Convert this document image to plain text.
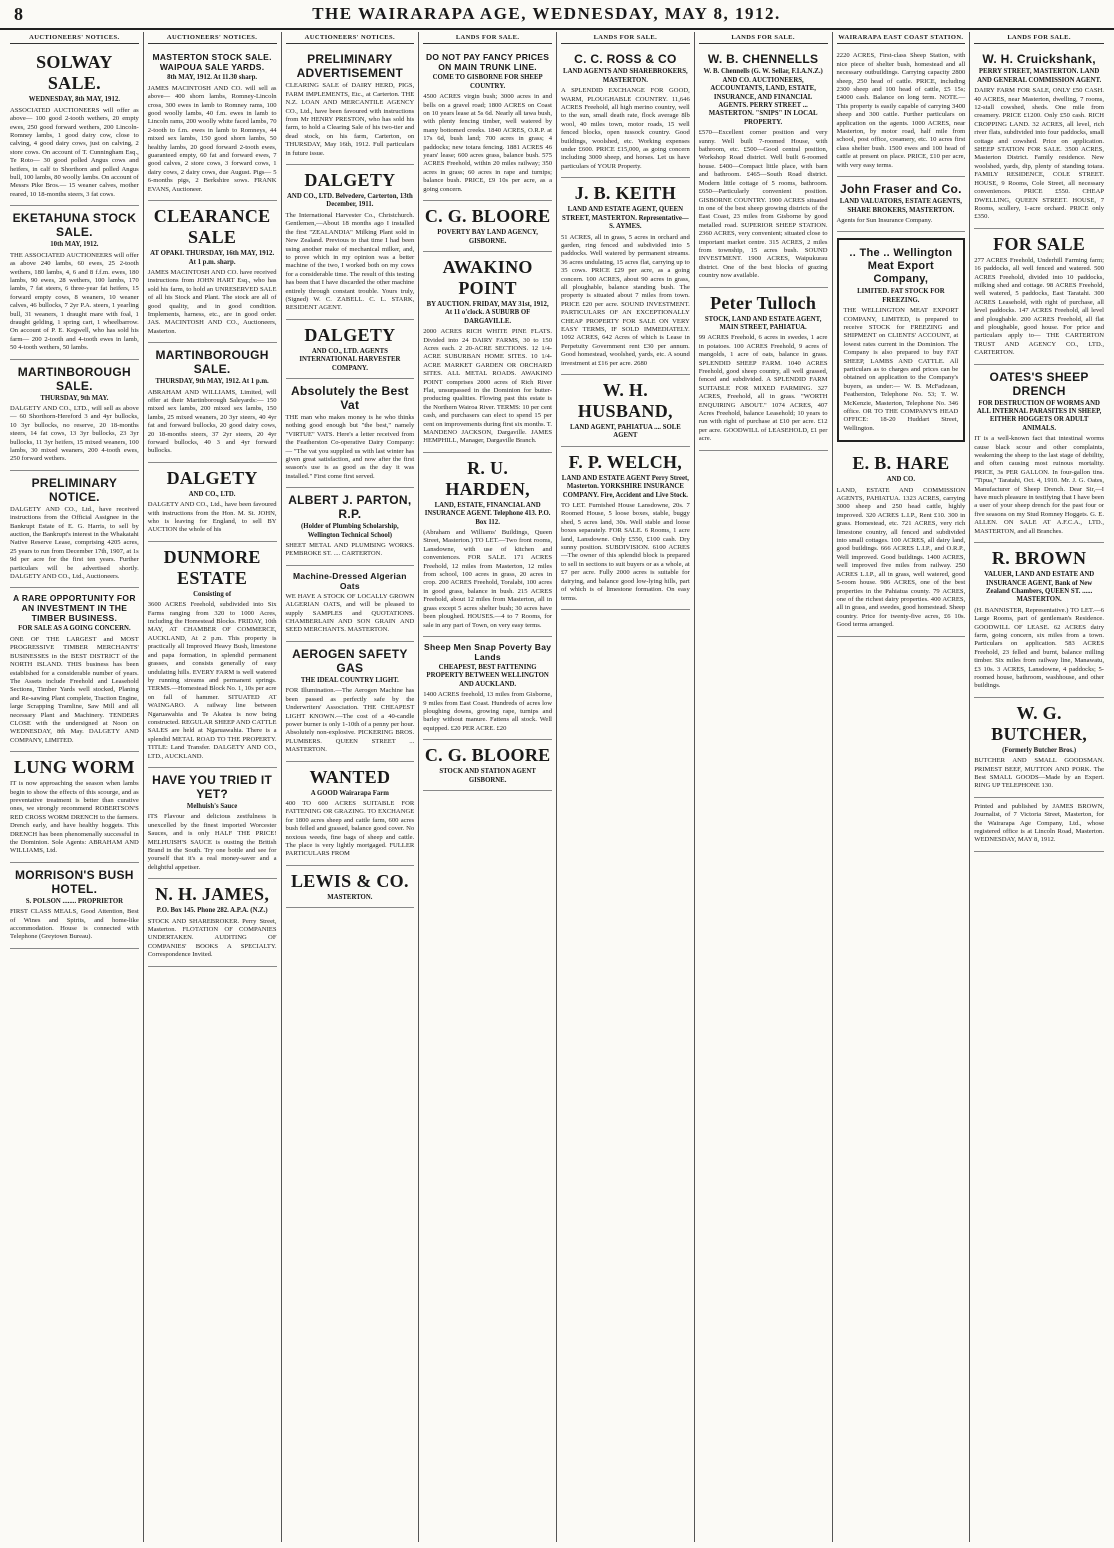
8	THE WAIRARAPA AGE, WEDNESDAY, MAY 8, 1912.
AUCTIONEERS' NOTICES.
SOLWAY SALE.
WEDNESDAY, 8th MAY, 1912.

ASSOCIATED AUCTIONEERS will offer as above— 100 good 2-tooth wethers, 20 empty ewes, 250 good forward wethers, 200 Lincoln-Romney lambs, 1 good dairy cow, close to calving, 4 good dairy cows, just on calving, 2 store cows. On account of T. Cunningham Esq., Te Roto— 30 good polled Angus cows and heifers, in calf to Shorthorn and polled Angus bull, 100 lambs, 80 woolly lambs. On account of Messrs Pike Bros.— 15 weaner calves, mother reared, 10 18-months steers, 3 fat cows.

EKETAHUNA STOCK SALE.
10th MAY, 1912.

THE ASSOCIATED AUCTIONEERS will offer as above 240 lambs, 60 ewes, 25 2-tooth wethers, 180 lambs, 4, 6 and 8 f.f.m. ewes, 180 lambs, 90 ewes, 28 wethers, 100 lambs, 170 lambs, 7 fat steers, 6 three-year fat heifers, 15 forward empty cows, 8 weaners, 10 weaner calves, 46 bullocks, 7 2yr P.A. steers, 1 yearling bull, 31 weaners, 1 draught mare with foal, 1 draught gelding, 1 spring cart, 1 wheelbarrow. On account of P. E. Kegwell, who has sold his farm— 200 2-tooth and 4-tooth ewes in lamb, 50 4-tooth wethers, 50 lambs.

MARTINBOROUGH SALE.
THURSDAY, 9th MAY.

DALGETY AND CO., LTD., will sell as above— 60 Shorthorn-Hereford 3 and 4yr bullocks, 10 3yr bullocks, no reserve, 20 18-months steers, 14 fat cows, 13 3yr bullocks, 23 3yr bullocks, 11 3yr heifers, 15 mixed weaners, 100 lambs, 30 mixed weaners, 200 4-tooth ewes, 250 forward wethers.

PRELIMINARY NOTICE.

DALGETY AND CO., Ltd., have received instructions from the Official Assignee in the Bankrupt Estate of E. G. Harris, to sell by auction, the Bankrupt's interest in the Whakatahi Native Reserve Lease, comprising 4205 acres, 25 years to run from December 17th, 1907, at 1s 9d per acre for the first ten years. Further particulars will be advertised shortly. DALGETY AND CO., Ltd., Auctioneers.

A RARE OPPORTUNITY FOR AN INVESTMENT IN THE TIMBER BUSINESS.
FOR SALE AS A GOING CONCERN.

ONE OF THE LARGEST and MOST PROGRESSIVE TIMBER MERCHANTS' BUSINESSES in the BEST DISTRICT of the NORTH ISLAND. THIS business has been established for a considerable number of years. The Assets include Freehold and Leasehold Sections, Timber Yards well stocked, Planing and Re-sawing Plant complete, Traction Engine, large Scrapping Tramline, Saw Mill and all necessary Plant and Machinery. TENDERS CLOSE with the undersigned at Noon on WEDNESDAY, 8th May. DALGETY AND COMPANY, LIMITED.

LUNG WORM

IT is now approaching the season when lambs begin to show the effects of this scourge, and as preventative treatment is better than curative ones, we strongly recommend ROBERTSON'S RED CROSS WORM DRENCH to the farmers. Drench early, and have healthy hoggets. This DRENCH has been phenomenally successful in the Dominion. Sole Agents: ABRAHAM AND WILLIAMS, Ltd.

MORRISON'S BUSH HOTEL.
S. POLSON ........ PROPRIETOR

FIRST CLASS MEALS, Good Attention, Best of Wines and Spirits, and home-like accommodation. House is connected with Telephone (Greytown Bureau).

AUCTIONEERS' NOTICES.
MASTERTON STOCK SALE. WAIPOUA SALE YARDS.
8th MAY, 1912. At 11.30 sharp.

JAMES MACINTOSH AND CO. will sell as above— 400 shorn lambs, Romney-Lincoln cross, 300 ewes in lamb to Romney rams, 100 good woolly lambs, 40 f.m. ewes in lamb to Lincoln rams, 200 woolly white faced lambs, 70 2-tooth to f.m. ewes in lamb to Romneys, 44 mixed sex lambs, 150 good shorn lambs, 50 healthy lambs, 20 good forward 2-tooth ewes, guaranteed empty, 60 fat and forward ewes, 7 good calves, 2 store cows, 3 forward cows, 1 dairy cows, 2 dairy cows, due August. Pigs— 5 6-months pigs, 2 Berkshire sows. FRANK EVANS, Auctioneer.

CLEARANCE SALE
AT OPAKI. THURSDAY, 16th MAY, 1912. At 1 p.m. sharp.

JAMES MACINTOSH AND CO. have received instructions from JOHN HART Esq., who has sold his farm, to hold an UNRESERVED SALE of all his Stock and Plant. The stock are all of good quality, and in good condition. Implements, harness, etc., are in good order. JAS. MACINTOSH AND CO., Auctioneers, Masterton.

MARTINBOROUGH SALE.
THURSDAY, 9th MAY, 1912. At 1 p.m.

ABRAHAM AND WILLIAMS, Limited, will offer at their Martinborough Saleyards:— 150 mixed sex lambs, 200 mixed sex lambs, 150 lambs, 25 mixed weaners, 20 3yr steers, 40 4yr fat and forward bullocks, 20 good dairy cows, 20 18-months steers, 37 2yr steers, 20 4yr forward bullocks, 40 3 and 4yr forward bullocks.

DALGETY
AND CO., LTD.

DALGETY AND CO., Ltd., have been favoured with instructions from the Hon. M. St. JOHN, who is leaving for England, to sell BY AUCTION the whole of his

DUNMORE ESTATE
Consisting of

3600 ACRES Freehold, subdivided into Six Farms ranging from 320 to 1000 Acres, including the Homestead Blocks. FRIDAY, 10th MAY, AT CHAMBER OF COMMERCE, AUCKLAND, At 2 p.m. This property is practically all Improved Heavy Bush, limestone and papa formation, in splendid permanent grasses, and consists generally of easy undulating hills. EVERY FARM is well watered by running streams and permanent springs. TERMS.—Homestead Block No. 1, 10s per acre on fall of hammer. SITUATED AT WAINGARO. A railway line between Ngaruawahia and Te Akatea is now being constructed. REGULAR SHEEP AND CATTLE SALES are held at Ngaruawahia. There is a splendid METAL ROAD TO THE PROPERTY. TITLE: Land Transfer. DALGETY AND CO., LTD., AUCKLAND.

HAVE YOU TRIED IT YET?
Melhuish's Sauce

ITS Flavour and delicious zestfulness is unexcelled by the finest imported Worcester Sauces, and is only HALF THE PRICE! MELHUISH'S SAUCE is ousting the British Brand in the South. Try one bottle and see for yourself that it's a real money-saver and a delightful appetiser.

N. H. JAMES,
P.O. Box 145. Phone 282. A.P.A. (N.Z.)

STOCK AND SHAREBROKER. Perry Street, Masterton. FLOTATION OF COMPANIES UNDERTAKEN. AUDITING OF COMPANIES' BOOKS A SPECIALTY. Correspondence Invited.

AUCTIONEERS' NOTICES.
PRELIMINARY ADVERTISEMENT

CLEARING SALE of DAIRY HERD, PIGS, FARM IMPLEMENTS, Etc., at Carterton. THE N.Z. LOAN AND MERCANTILE AGENCY CO., Ltd., have been favoured with instructions from Mr HENRY PRESTON, who has sold his farm, to hold a Clearing Sale of his two-tier and dead stock, on his farm, Carterton, on THURSDAY, May 16th, 1912. Full particulars in future issue.

DALGETY
AND CO., LTD. Belvedere, Carterton, 13th December, 1911.

The International Harvester Co., Christchurch. Gentlemen,—About 18 months ago I installed the first "ZEALANDIA" Milking Plant sold in New Zealand. Previous to that time I had been using another make of mechanical milker, and, to prove which in my opinion was a better machine of the two, I worked both on my cows for a considerable time. The result of this testing has been that I have discarded the other machine entirely through constant trouble. Yours truly, (Signed) W. C. ZABELL. C. L. STARK, RESIDENT AGENT.

DALGETY
AND CO., LTD. AGENTS INTERNATIONAL HARVESTER COMPANY.
Absolutely the Best Vat

THE man who makes money is he who thinks nothing good enough but "the best," namely "VIRTUE" VATS. Here's a letter received from the Featherston Co-operative Dairy Company:— "The vat you supplied us with last winter has given great satisfaction, and now after the first season's use is as good as the day it was installed." First come first served.

ALBERT J. PARTON, R.P.
(Holder of Plumbing Scholarship, Wellington Technical School)

SHEET METAL AND PLUMBING WORKS. PEMBROKE ST. .... CARTERTON.

Machine-Dressed Algerian Oats

WE HAVE A STOCK OF LOCALLY GROWN ALGERIAN OATS, and will be pleased to supply SAMPLES and QUOTATIONS. CHAMBERLAIN AND SON GRAIN AND SEED MERCHANTS. MASTERTON.

AEROGEN SAFETY GAS
THE IDEAL COUNTRY LIGHT.

FOR Illumination.—The Aerogen Machine has been passed as perfectly safe by the Underwriters' Association. THE CHEAPEST LIGHT KNOWN.—The cost of a 40-candle power burner is only 1-10th of a penny per hour. Absolutely non-explosive. PICKERING BROS. PLUMBERS. QUEEN STREET ... MASTERTON.

WANTED
A GOOD Wairarapa Farm

400 TO 600 ACRES SUITABLE FOR FATTENING OR GRAZING. TO EXCHANGE for 1800 acres sheep and cattle farm, 600 acres bush felled and grassed, balance good cover. No noxious weeds, fine bags of sheep and cattle. The place is very lightly mortgaged. FULLER PARTICULARS FROM

LEWIS & CO.
MASTERTON.
LANDS FOR SALE.
DO NOT PAY FANCY PRICES ON MAIN TRUNK LINE.
COME TO GISBORNE FOR SHEEP COUNTRY.

4500 ACRES virgin bush; 3000 acres in and bells on a gravel road; 1800 ACRES on Coast on 10 years lease at 5s 6d. Nearly all tawa bush, with plenty fencing timber, well watered by many bottomed creeks. 1840 ACRES, O.R.P. at 17s 6d, bush land; 700 acres in grass; 4 paddocks; new totara fencing. 1881 ACRES 46 years' lease; 600 acres grass, balance bush. 575 ACRES Freehold, within 20 miles railway; 350 acres in grass; 60 acres in rape and turnips; balance bush. PRICE, £9 10s per acre, as a going concern.

C. G. BLOORE
POVERTY BAY LAND AGENCY, GISBORNE.
AWAKINO POINT
BY AUCTION. FRIDAY, MAY 31st, 1912, At 11 o'clock. A SUBURB OF DARGAVILLE.

2000 ACRES RICH WHITE PINE FLATS. Divided into 24 DAIRY FARMS, 30 to 150 Acres each. 2 20-ACRE SECTIONS. 12 1/4-ACRE SUBURBAN HOME SITES. 10 1/4-ACRE MARKET GARDEN OR ORCHARD SITES. ALL METAL ROADS. AWAKINO POINT comprises 2000 acres of Rich River Flat, unsurpassed in the Dominion for butter-producing qualities. Flowing past this estate is the Northern Wairoa River. TERMS: 10 per cent cash, and purchasers can elect to spend 15 per cent on improvements during first six months. T. MANDENO JACKSON, Dargaville. JAMES HEMPHILL, Manager, Dargaville Branch.

R. U. HARDEN,
LAND, ESTATE, FINANCIAL AND INSURANCE AGENT. Telephone 413. P.O. Box 112.

(Abraham and Williams' Buildings, Queen Street, Masterton.) TO LET.—Two front rooms, Lansdowne, with use of kitchen and conveniences. FOR SALE. 171 ACRES Freehold, 12 miles from Masterton, 12 miles from school, 100 acres in grass, 20 acres in crop. 200 ACRES Freehold, Toralabi, 100 acres in good grass, balance in bush. 215 ACRES Freehold, about 12 miles from Masterton, all in grass except 5 acres shelter bush; 30 acres have been ploughed. HOUSES.—4 to 7 Rooms, for sale in any part of Town, on very easy terms.

Sheep Men Snap Poverty Bay Lands
CHEAPEST, BEST FATTENING PROPERTY BETWEEN WELLINGTON AND AUCKLAND.

1400 ACRES freehold, 13 miles from Gisborne, 9 miles from East Coast. Hundreds of acres low ploughing downs, growing rape, turnips and barley without manure. Fattens all stock. Well equipped. £20 PER ACRE. £20

C. G. BLOORE
STOCK AND STATION AGENT GISBORNE.
LANDS FOR SALE.
C. C. ROSS & CO
LAND AGENTS AND SHAREBROKERS, MASTERTON.

A SPLENDID EXCHANGE FOR GOOD, WARM, PLOUGHABLE COUNTRY. 11,646 ACRES Freehold, all high merino country, well to the sun, small death rate, flock average 8lb wool, 40 miles town, motor roads, 15 well fenced blocks, open tussock country. Good buildings, woolshed, etc. Working expenses under £600. PRICE £15,000, as going concern including 3000 sheep, and horses. Let us have particulars of YOUR Property.

J. B. KEITH
LAND AND ESTATE AGENT, QUEEN STREET, MASTERTON. Representative—S. AYMES.

51 ACRES, all in grass, 5 acres in orchard and garden, ring fenced and subdivided into 5 paddocks. Well watered by permanent streams. 36 acres undulating, 15 acres flat, carrying up to 35 cows. PRICE £29 per acre, as a going concern. 100 ACRES, about 90 acres in grass, all ploughable, balance standing bush. The property is situated about 7 miles from town. PRICE £20 per acre. SOUND INVESTMENT. PARTICULARS OF AN EXCEPTIONALLY CHEAP PROPERTY FOR SALE ON VERY EASY TERMS, IF SOLD IMMEDIATELY. 1092 ACRES, 642 Acres of which is Lease in Perpetuity Government rent £30 per annum. Good homestead, woolshed, yards, etc. A sound investment at £16 per acre. 2680

W. H. HUSBAND,
LAND AGENT, PAHIATUA .... SOLE AGENT
F. P. WELCH,
LAND AND ESTATE AGENT Perry Street, Masterton. YORKSHIRE INSURANCE COMPANY. Fire, Accident and Live Stock.

TO LET. Furnished House Lansdowne, 20s. 7 Roomed House, 5 loose boxes, stable, buggy shed, 5 acres land, 30s. Well stable and loose boxes separately. FOR SALE. 6 Rooms, 1 acre land, Lansdowne. Only £550, £100 cash. Dry sunny position. SUBDIVISION. 6100 ACRES—The owner of this splendid block is prepared to sell in sections to suit buyers or as a whole, at £7 per acre. Fully 2000 acres is suitable for dairying, and balance good low-lying hills, part of which is of limestone formation. On easy terms.

LANDS FOR SALE.
W. B. CHENNELLS
W. B. Chennells (G. W. Sellar, F.I.A.N.Z.) AND CO. AUCTIONEERS, ACCOUNTANTS, LAND, ESTATE, INSURANCE, AND FINANCIAL AGENTS. PERRY STREET ... MASTERTON. "SNIPS" IN LOCAL PROPERTY.

£570—Excellent corner position and very sunny. Well built 7-roomed House, with bathroom, etc. £500—Good central position, Workshop Road district. Well built 6-roomed house. £400—Compact little place, with barn and bathroom. £465—South Road district. Modern little cottage of 5 rooms, bathroom. £650—Particularly convenient position. GISBORNE COUNTRY. 1900 ACRES situated in one of the best sheep growing districts of the East Coast, 23 miles from Gisborne by good metalled road. SUPERIOR SHEEP STATION. 2360 ACRES, very convenient; situated close to important market centre. 315 ACRES, 2 miles from township, 15 acres bush. SOUND INVESTMENT. 1900 ACRES, Waipukurau district. One of the best blocks of grazing country now available.

Peter Tulloch
STOCK, LAND AND ESTATE AGENT, MAIN STREET, PAHIATUA.

99 ACRES Freehold, 6 acres in swedes, 1 acre in potatoes. 100 ACRES Freehold, 9 acres of mangolds, 1 acre of oats, balance in grass. SPLENDID SHEEP FARM. 1040 ACRES Freehold, good sheep country, all well grassed, fenced and subdivided. A SPLENDID FARM SUITABLE FOR MIXED FARMING. 327 ACRES, Freehold, all in grass. "WORTH ENQUIRING ABOUT." 1074 ACRES, 407 Acres Freehold, balance Leasehold; 10 years to run with right of purchase at £10 per acre. £12 per acre. GOODWILL of LEASEHOLD, £1 per acre.

WAIRARAPA EAST COAST STATION.

2220 ACRES, First-class Sheep Station, with nice piece of shelter bush, homestead and all necessary outbuildings. Carrying capacity 2800 sheep, 250 head of cattle. PRICE, including 2300 sheep and 100 head of cattle, £5 15s; £4000 cash. Balance on long term. NOTE.—This property is easily capable of carrying 3400 sheep and 300 cattle. Further particulars on application on the agents. 1000 ACRES, near Masterton, by motor road, half mile from school, post office, creamery, etc. 10 acres first class shelter bush. 1500 ewes and 100 head of cattle at present on place. PRICE, £10 per acre, with very easy terms.

John Fraser and Co.
LAND VALUATORS, ESTATE AGENTS, SHARE BROKERS, MASTERTON.

Agents for Sun Insurance Company.

.. The .. Wellington Meat Export Company,
LIMITED. FAT STOCK FOR FREEZING.

THE WELLINGTON MEAT EXPORT COMPANY, LIMITED, is prepared to receive STOCK for FREEZING and SHIPMENT on CLIENTS' ACCOUNT, at lowest rates current in the Dominion. The Company is also prepared to buy FAT SHEEP, LAMBS AND CATTLE. All particulars as to charges and prices can be obtained on application to the Company's buyers, as under:— W. B. McFadzean, Featherston, Telephone No. 53; T. W. McKenzie, Masterton, Telephone No. 346 office. OR TO THE COMPANY'S HEAD OFFICE: 18-20 Huddart Street, Wellington.

E. B. HARE
AND CO.

LAND, ESTATE AND COMMISSION AGENTS, PAHIATUA. 1323 ACRES, carrying 3000 sheep and 250 head cattle, highly improved. 320 ACRES L.I.P., Rent £10. 300 in grass. Homestead, etc. 721 ACRES, very rich limestone country, all fenced and subdivided into small cottages. 100 ACRES, all dairy land, good buildings. 666 ACRES L.I.P., and O.R.P., Well improved. Good buildings. 1400 ACRES, well improved five miles from railway. 250 ACRES L.I.P., all in grass, well watered, good 5-room house. 986 ACRES, one of the best properties in the Pahiatua county. 79 ACRES, one of the richest dairy properties. 400 ACRES, all in grass, and swedes, good homestead. Sheep country. Price for twenty-five acres, £6 10s. Good terms arranged.

LANDS FOR SALE.
W. H. Cruickshank,
PERRY STREET, MASTERTON. LAND AND GENERAL COMMISSION AGENT.

DAIRY FARM FOR SALE, ONLY £50 CASH. 40 ACRES, near Masterton, dwelling, 7 rooms, 12-stall cowshed, sheds. One mile from creamery. PRICE £1200. Only £50 cash. RICH CROPPING LAND. 32 ACRES, all level, rich river flats, subdivided into four paddocks, small cottage and cowshed. Price on application. SHEEP STATION FOR SALE. 3500 ACRES, Masterton District. Family residence. New woolshed, yards, dip, plenty of standing totara. FAMILY RESIDENCE, COLE STREET. HOUSE, 9 Rooms, Cole Street, all necessary conveniences. PRICE £550. CHEAP DWELLING, QUEEN STREET. HOUSE, 7 Rooms, scullery, 1-acre orchard. PRICE only £350.

FOR SALE

277 ACRES Freehold, Underhill Farming farm; 16 paddocks, all well fenced and watered. 500 ACRES Freehold, divided into 10 paddocks, milking shed and cottage. 98 ACRES Freehold, well watered, 5 paddocks, East Taratahi. 300 ACRES Leasehold, with right of purchase, all level paddocks. 147 ACRES Freehold, all level and ploughable. 200 ACRES Freehold, all flat and ploughable, good house. For price and particulars apply to— THE CARTERTON TRUST AND AGENCY CO., LTD., CARTERTON.

OATES'S SHEEP DRENCH
FOR DESTRUCTION OF WORMS AND ALL INTERNAL PARASITES IN SHEEP, EITHER HOGGETS OR ADULT ANIMALS.

IT is a well-known fact that intestinal worms cause black scour and other complaints, weakening the sheep to the last stage of debility, and often causing most ruinous mortality. PRICE, 3s PER GALLON. In four-gallon tins. "Tipua," Taratahi, Oct. 4, 1910. Mr. J. G. Oates, Manufacturer of Sheep Drench. Dear Sir,—I have much pleasure in testifying that I have been a user of your sheep drench for the past four or five seasons on my Stud Romney Hoggets. G. E. ALLEN. ON SALE AT A.F.C.A., LTD., MASTERTON, and all Branches.

R. BROWN
VALUER, LAND AND ESTATE AND INSURANCE AGENT, Bank of New Zealand Chambers, QUEEN ST. ...... MASTERTON.

(H. BANNISTER, Representative.) TO LET.—6 Large Rooms, part of gentleman's Residence. GOODWILL OF LEASE. 62 ACRES dairy farm, going concern, six miles from a town. Particulars on application. 583 ACRES Freehold, 23 felled and burnt, balance milling timber. Six miles from railway line, Manawatu, £3 10s. 3 ACRES, Lansdowne, 4 paddocks; 5-roomed house, bathroom, washhouse, and other buildings.

W. G. BUTCHER,
(Formerly Butcher Bros.)

BUTCHER AND SMALL GOODSMAN. PRIMEST BEEF, MUTTON AND PORK. The Best SMALL GOODS—Made by an Expert. RING UP TELEPHONE 130.

Printed and published by JAMES BROWN, Journalist, of 7 Victoria Street, Masterton, for the Wairarapa Age Company, Ltd., whose registered office is at Lincoln Road, Masterton. WEDNESDAY, MAY 8, 1912.
